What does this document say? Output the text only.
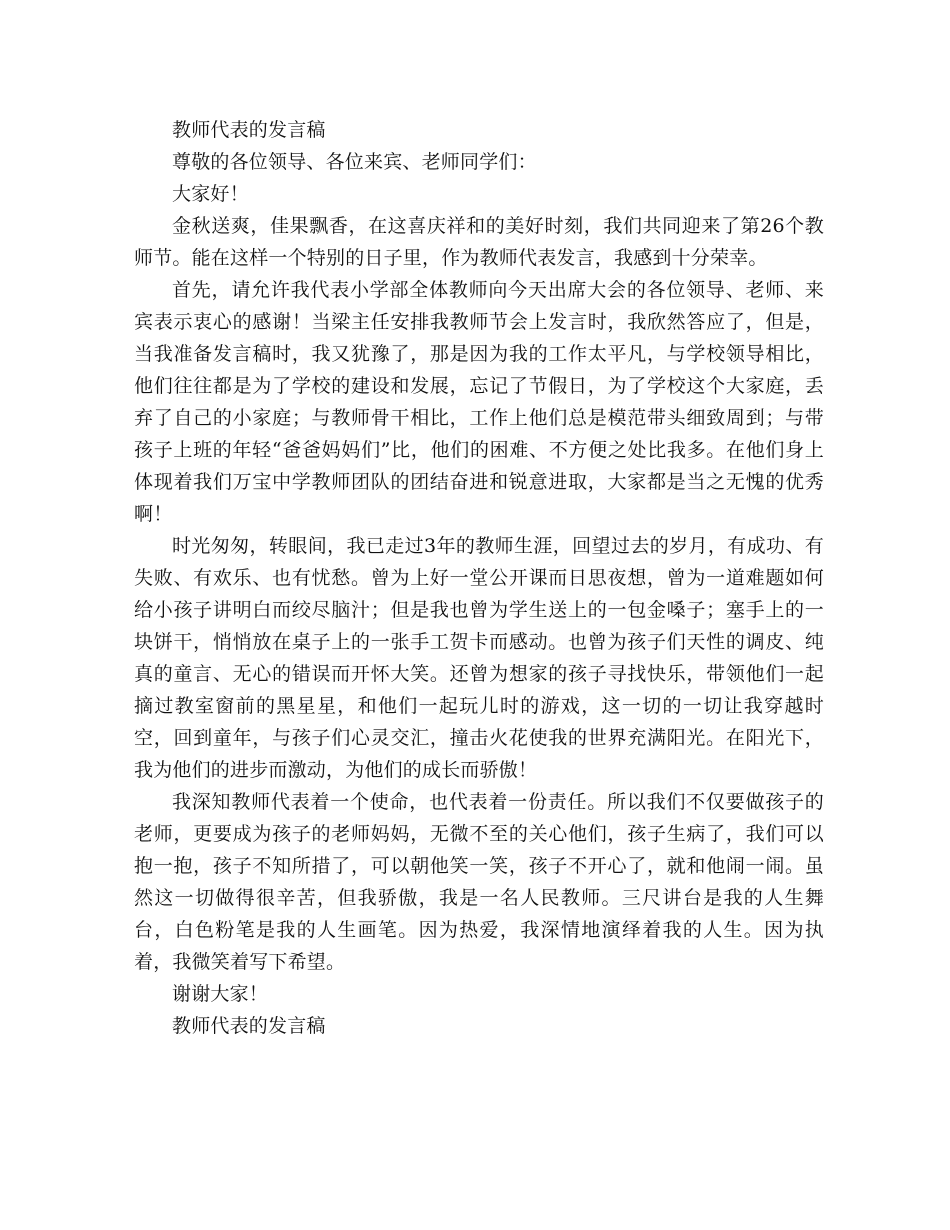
教师代表的发言稿

尊敬的各位领导、各位来宾、老师同学们：

大家好！

金秋送爽，佳果飘香，在这喜庆祥和的美好时刻，我们共同迎来了第26个教师节。能在这样一个特别的日子里，作为教师代表发言，我感到十分荣幸。

首先，请允许我代表小学部全体教师向今天出席大会的各位领导、老师、来宾表示衷心的感谢！当梁主任安排我教师节会上发言时，我欣然答应了，但是，当我准备发言稿时，我又犹豫了，那是因为我的工作太平凡，与学校领导相比，他们往往都是为了学校的建设和发展，忘记了节假日，为了学校这个大家庭，丢弃了自己的小家庭；与教师骨干相比，工作上他们总是模范带头细致周到；与带孩子上班的年轻“爸爸妈妈们”比，他们的困难、不方便之处比我多。在他们身上体现着我们万宝中学教师团队的团结奋进和锐意进取，大家都是当之无愧的优秀啊！

时光匆匆，转眼间，我已走过3年的教师生涯，回望过去的岁月，有成功、有失败、有欢乐、也有忧愁。曾为上好一堂公开课而日思夜想，曾为一道难题如何给小孩子讲明白而绞尽脑汁；但是我也曾为学生送上的一包金嗓子；塞手上的一块饼干，悄悄放在桌子上的一张手工贺卡而感动。也曾为孩子们天性的调皮、纯真的童言、无心的错误而开怀大笑。还曾为想家的孩子寻找快乐，带领他们一起摘过教室窗前的黑星星，和他们一起玩儿时的游戏，这一切的一切让我穿越时空，回到童年，与孩子们心灵交汇，撞击火花使我的世界充满阳光。在阳光下，我为他们的进步而激动，为他们的成长而骄傲！

我深知教师代表着一个使命，也代表着一份责任。所以我们不仅要做孩子的老师，更要成为孩子的老师妈妈，无微不至的关心他们，孩子生病了，我们可以抱一抱，孩子不知所措了，可以朝他笑一笑，孩子不开心了，就和他闹一闹。虽然这一切做得很辛苦，但我骄傲，我是一名人民教师。三尺讲台是我的人生舞台，白色粉笔是我的人生画笔。因为热爱，我深情地演绎着我的人生。因为执着，我微笑着写下希望。

谢谢大家！

教师代表的发言稿
